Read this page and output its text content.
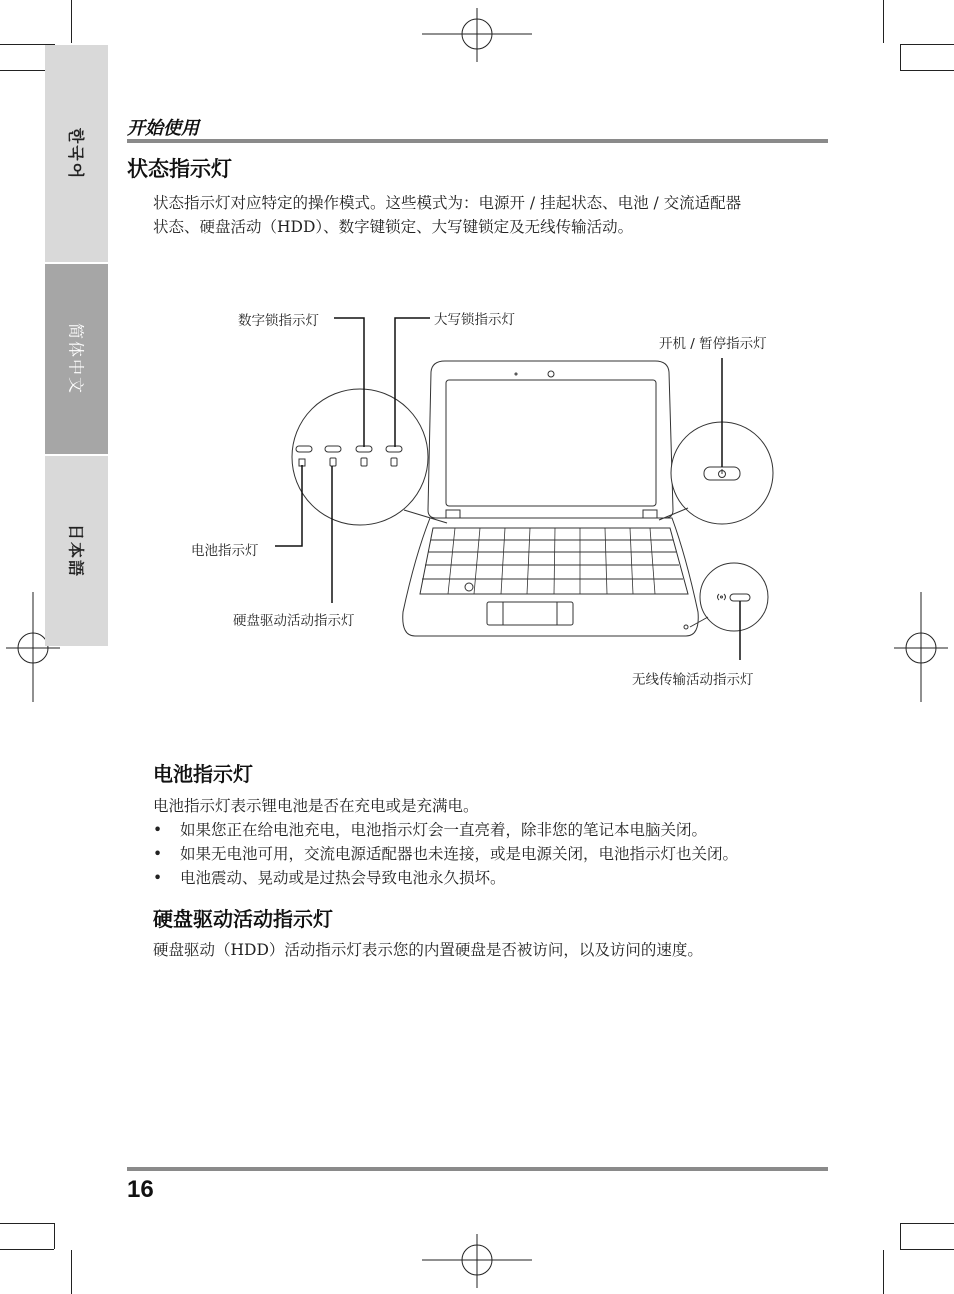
한국어
简体中文
日本語
开始使用
状态指示灯
状态指示灯对应特定的操作模式。这些模式为：电源开 / 挂起状态、电池 / 交流适配器
状态、硬盘活动（HDD）、数字键锁定、大写键锁定及无线传输活动。
数字锁指示灯	大写锁指示灯
开机 / 暂停指示灯
电池指示灯
硬盘驱动活动指示灯
无线传输活动指示灯
电池指示灯
电池指示灯表示锂电池是否在充电或是充满电。
• 如果您正在给电池充电，电池指示灯会一直亮着，除非您的笔记本电脑关闭。
• 如果无电池可用，交流电源适配器也未连接，或是电源关闭，电池指示灯也关闭。
• 电池震动、晃动或是过热会导致电池永久损坏。
硬盘驱动活动指示灯
硬盘驱动（HDD）活动指示灯表示您的内置硬盘是否被访问，以及访问的速度。
16
